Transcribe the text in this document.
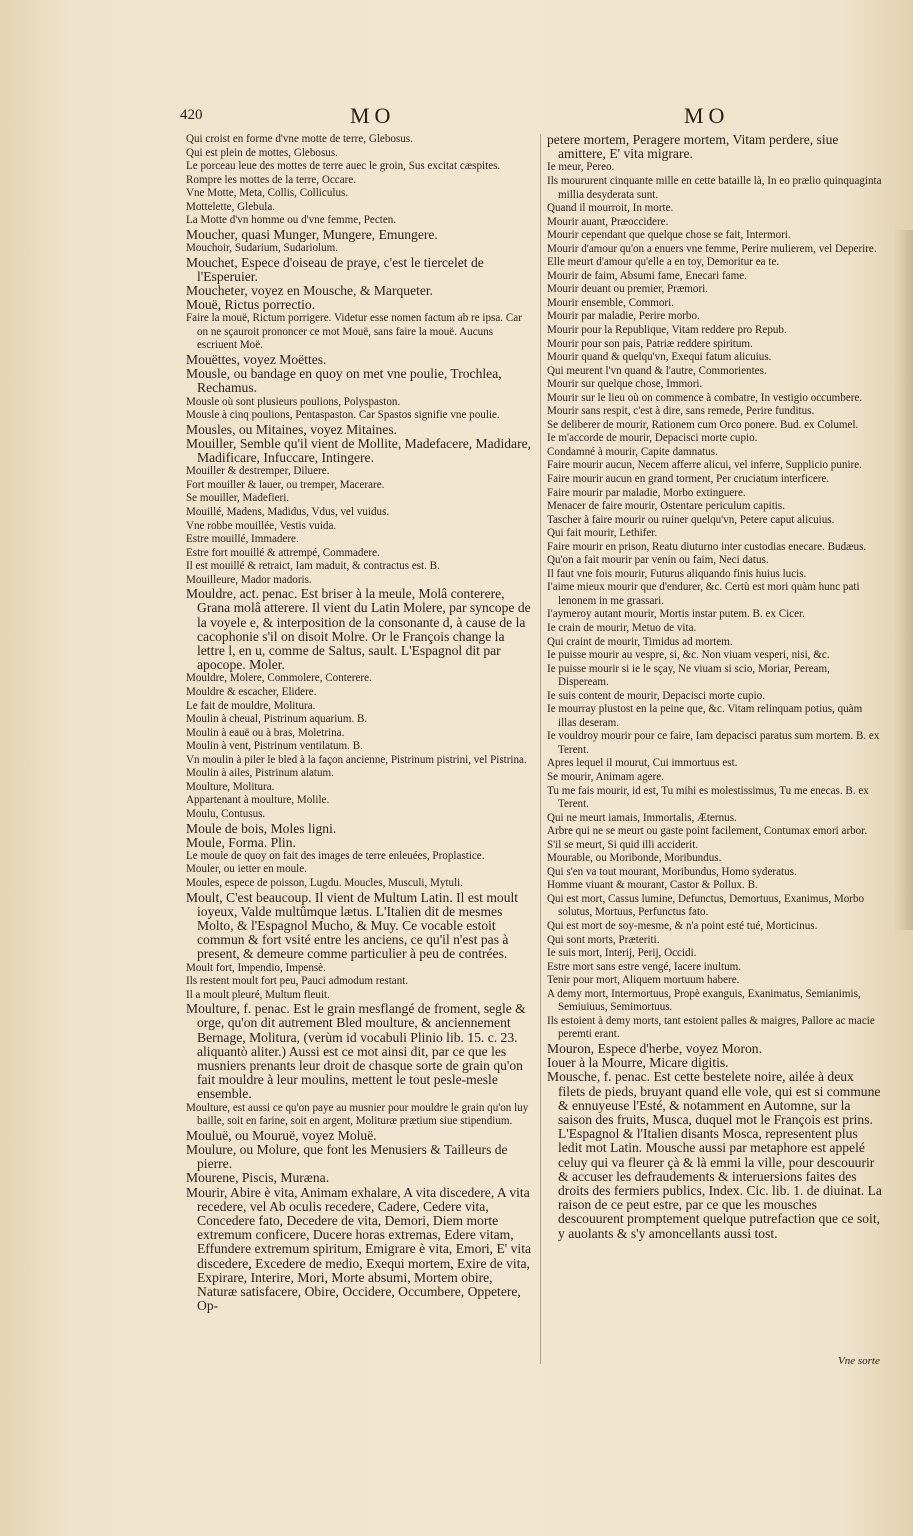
420	MO	MO

Qui croist en forme d'vne motte de terre, Glebosus.

Qui est plein de mottes, Glebosus.

Le porceau leue des mottes de terre auec le groin, Sus excitat cæspites.

Rompre les mottes de la terre, Occare.

Vne Motte, Meta, Collis, Colliculus.

Mottelette, Glebula.

La Motte d'vn homme ou d'vne femme, Pecten.

Moucher, quasi Munger, Mungere, Emungere.

Mouchoir, Sudarium, Sudariolum.

Mouchet, Espece d'oiseau de praye, c'est le tiercelet de l'Esperuier.

Moucheter, voyez en Mousche, & Marqueter.

Mouë, Rictus porrectio.

Faire la mouë, Rictum porrigere. Videtur esse nomen factum ab re ipsa. Car on ne sçauroit prononcer ce mot Mouë, sans faire la mouë. Aucuns escriuent Moë.

Mouëttes, voyez Moëttes.

Mousle, ou bandage en quoy on met vne poulie, Trochlea, Rechamus.

Mousle où sont plusieurs poulions, Polyspaston.

Mousle à cinq poulions, Pentaspaston. Car Spastos signifie vne poulie.

Mousles, ou Mitaines, voyez Mitaines.

Mouiller, Semble qu'il vient de Mollite, Madefacere, Madidare, Madificare, Infuccare, Intingere.

Mouiller & destremper, Diluere.

Fort mouiller & lauer, ou tremper, Macerare.

Se mouiller, Madefieri.

Mouillé, Madens, Madidus, Vdus, vel vuidus.

Vne robbe mouillée, Vestis vuida.

Estre mouillé, Immadere.

Estre fort mouillé & attrempé, Commadere.

Il est mouillé & retraict, Iam maduit, & contractus est. B.

Mouilleure, Mador madoris.

Mouldre, act. penac. Est briser à la meule, Molâ conterere, Grana molâ atterere. Il vient du Latin Molere, par syncope de la voyele e, & interposition de la consonante d, à cause de la cacophonie s'il on disoit Molre. Or le François change la lettre l, en u, comme de Saltus, sault. L'Espagnol dit par apocope. Moler.

Mouldre, Molere, Commolere, Conterere.

Mouldre & escacher, Elidere.

Le fait de mouldre, Molitura.

Moulin à cheual, Pistrinum aquarium. B.

Moulin à eauë ou à bras, Moletrina.

Moulin à vent, Pistrinum ventilatum. B.

Vn moulin à piler le bled à la façon ancienne, Pistrinum pistrini, vel Pistrina.

Moulin à ailes, Pistrinum alatum.

Moulture, Molitura.

Appartenant à moulture, Molile.

Moulu, Contusus.

Moule de bois, Moles ligni.

Moule, Forma. Plin.

Le moule de quoy on fait des images de terre enleuées, Proplastice.

Mouler, ou ietter en moule.

Moules, espece de poisson, Lugdu. Moucles, Musculi, Mytuli.

Moult, C'est beaucoup. Il vient de Multum Latin. Il est moult ioyeux, Valde multûmque lætus. L'Italien dit de mesmes Molto, & l'Espagnol Mucho, & Muy. Ce vocable estoit commun & fort vsité entre les anciens, ce qu'il n'est pas à present, & demeure comme particulier à peu de contrées.

Moult fort, Impendio, Impensè.

Ils restent moult fort peu, Pauci admodum restant.

Il a moult pleuré, Multum fleuit.

Moulture, f. penac. Est le grain mesflangé de froment, segle & orge, qu'on dit autrement Bled moulture, & anciennement Bernage, Molitura, (verùm id vocabuli Plinio lib. 15. c. 23. aliquantò aliter.) Aussi est ce mot ainsi dit, par ce que les musniers prenants leur droit de chasque sorte de grain qu'on fait mouldre à leur moulins, mettent le tout pesle-mesle ensemble.

Moulture, est aussi ce qu'on paye au musnier pour mouldre le grain qu'on luy baille, soit en farine, soit en argent, Molituræ prætium siue stipendium.

Mouluë, ou Mouruë, voyez Moluë.

Moulure, ou Molure, que font les Menusiers & Tailleurs de pierre.

Mourene, Piscis, Muræna.

Mourir, Abire è vita, Animam exhalare, A vita discedere, A vita recedere, vel Ab oculis recedere, Cadere, Cedere vita, Concedere fato, Decedere de vita, Demori, Diem morte extremum conficere, Ducere horas extremas, Edere vitam, Effundere extremum spiritum, Emigrare è vita, Emori, E' vita discedere, Excedere de medio, Exequi mortem, Exire de vita, Expirare, Interire, Mori, Morte absumi, Mortem obire, Naturæ satisfacere, Obire, Occidere, Occumbere, Oppetere, Op-

petere mortem, Peragere mortem, Vitam perdere, siue amittere, E' vita migrare.

Ie meur, Pereo.

Ils moururent cinquante mille en cette bataille là, In eo prælio quinquaginta millia desyderata sunt.

Quand il mourroit, In morte.

Mourir auant, Præoccidere.

Mourir cependant que quelque chose se fait, Intermori.

Mourir d'amour qu'on a enuers vne femme, Perire mulierem, vel Deperire.

Elle meurt d'amour qu'elle a en toy, Demoritur ea te.

Mourir de faim, Absumi fame, Enecari fame.

Mourir deuant ou premier, Præmori.

Mourir ensemble, Commori.

Mourir par maladie, Perire morbo.

Mourir pour la Republique, Vitam reddere pro Repub.

Mourir pour son pais, Patriæ reddere spiritum.

Mourir quand & quelqu'vn, Exequi fatum alicuius.

Qui meurent l'vn quand & l'autre, Commorientes.

Mourir sur quelque chose, Immori.

Mourir sur le lieu où on commence à combatre, In vestigio occumbere.

Mourir sans respit, c'est à dire, sans remede, Perire funditus.

Se deliberer de mourir, Rationem cum Orco ponere. Bud. ex Columel.

Ie m'accorde de mourir, Depacisci morte cupio.

Condamné à mourir, Capite damnatus.

Faire mourir aucun, Necem afferre alicui, vel inferre, Supplicio punire.

Faire mourir aucun en grand torment, Per cruciatum interficere.

Faire mourir par maladie, Morbo extinguere.

Menacer de faire mourir, Ostentare periculum capitis.

Tascher à faire mourir ou ruiner quelqu'vn, Petere caput alicuius.

Qui fait mourir, Lethifer.

Faire mourir en prison, Reatu diuturno inter custodias enecare. Budæus.

Qu'on a fait mourir par venin ou faim, Neci datus.

Il faut vne fois mourir, Futurus aliquando finis huius lucis.

I'aime mieux mourir que d'endurer, &c. Certù est mori quàm hunc pati lenonem in me grassari.

I'aymeroy autant mourir, Mortis instar putem. B. ex Cicer.

Ie crain de mourir, Metuo de vita.

Qui craint de mourir, Timidus ad mortem.

Ie puisse mourir au vespre, si, &c. Non viuam vesperi, nisi, &c.

Ie puisse mourir si ie le sçay, Ne viuam si scio, Moriar, Peream, Dispeream.

Ie suis content de mourir, Depacisci morte cupio.

Ie mourray plustost en la peine que, &c. Vitam relinquam potius, quàm illas deseram.

Ie vouldroy mourir pour ce faire, Iam depacisci paratus sum mortem. B. ex Terent.

Apres lequel il mourut, Cui immortuus est.

Se mourir, Animam agere.

Tu me fais mourir, id est, Tu mihi es molestissimus, Tu me enecas. B. ex Terent.

Qui ne meurt iamais, Immortalis, Æternus.

Arbre qui ne se meurt ou gaste point facilement, Contumax emori arbor.

S'il se meurt, Si quid illi acciderit.

Mourable, ou Moribonde, Moribundus.

Qui s'en va tout mourant, Moribundus, Homo syderatus.

Homme viuant & mourant, Castor & Pollux. B.

Qui est mort, Cassus lumine, Defunctus, Demortuus, Exanimus, Morbo solutus, Mortuus, Perfunctus fato.

Qui est mort de soy-mesme, & n'a point esté tué, Morticinus.

Qui sont morts, Præteriti.

Ie suis mort, Interij, Perij, Occidi.

Estre mort sans estre vengé, Iacere inultum.

Tenir pour mort, Aliquem mortuum habere.

A demy mort, Intermortuus, Propè exanguis, Exanimatus, Semianimis, Semiuiuus, Semimortuus.

Ils estoient à demy morts, tant estoient palles & maigres, Pallore ac macie peremti erant.

Mouron, Espece d'herbe, voyez Moron.

Iouer à la Mourre, Micare digitis.

Mousche, f. penac. Est cette bestelete noire, ailée à deux filets de pieds, bruyant quand elle vole, qui est si commune & ennuyeuse l'Esté, & notamment en Automne, sur la saison des fruits, Musca, duquel mot le François est prins. L'Espagnol & l'Italien disants Mosca, representent plus ledit mot Latin. Mousche aussi par metaphore est appelé celuy qui va fleurer çà & là emmi la ville, pour descouurir & accuser les defraudements & interuersions faites des droits des fermiers publics, Index. Cic. lib. 1. de diuinat. La raison de ce peut estre, par ce que les mousches descouurent promptement quelque putrefaction que ce soit, y auolants & s'y amoncellants aussi tost.

Vne sorte
